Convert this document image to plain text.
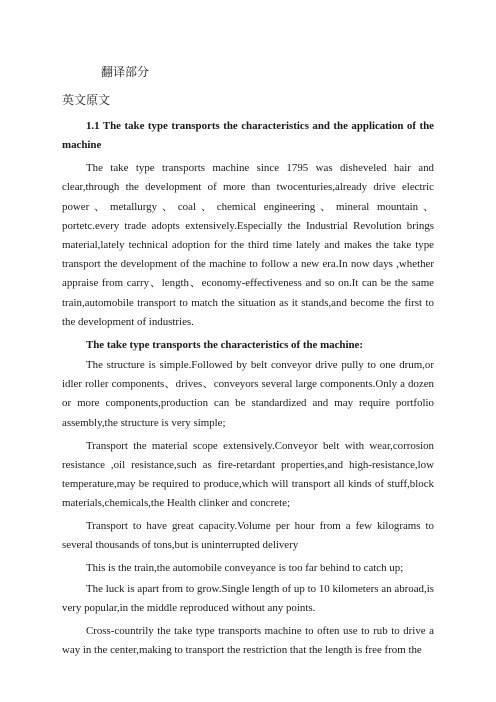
翻译部分
英文原文

1.1 The take type transports the characteristics and the application of the machine

The take type transports machine since 1795 was disheveled hair and clear,through the development of more than twocenturies,already drive electric power、metallurgy、coal、chemical engineering、mineral mountain、portetc.every trade adopts extensively.Especially the Industrial Revolution brings material,lately technical adoption for the third time lately and makes the take type transport the development of the machine to follow a new era.In now days ,whether appraise from carry、length、economy-effectiveness and so on.It can be the same train,automobile transport to match the situation as it stands,and become the first to the development of industries.

The take type transports the characteristics of the machine:

The structure is simple.Followed by belt conveyor drive pully to one drum,or idler roller components、drives、conveyors several large components.Only a dozen or more components,production can be standardized and may require portfolio assembly,the structure is very simple;

Transport the material scope extensively.Conveyor belt with wear,corrosion resistance ,oil resistance,such as fire-retardant properties,and high-resistance,low temperature,may be required to produce,which will transport all kinds of stuff,block materials,chemicals,the Health clinker and concrete;

Transport to have great capacity.Volume per hour from a few kilograms to several thousands of tons,but is uninterrupted delivery

This is the train,the automobile conveyance is too far behind to catch up;

The luck is apart from to grow.Single length of up to 10 kilometers an abroad,is very popular,in the middle reproduced without any points.

Cross-countrily the take type transports machine to often use to rub to drive a way in the center,making to transport the restriction that the length is free from the
